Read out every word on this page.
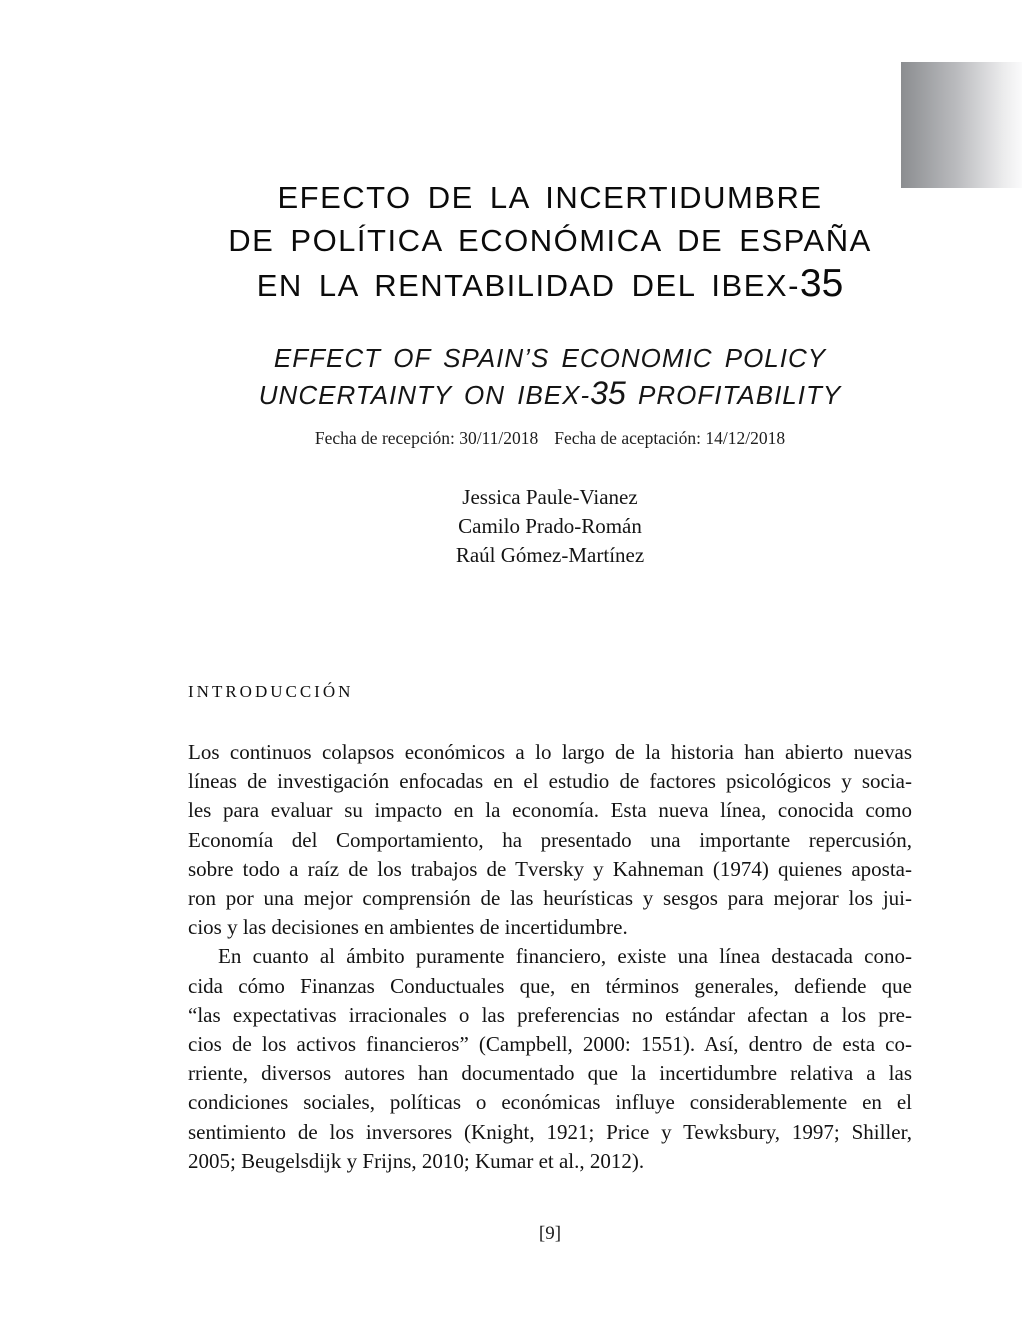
EFECTO DE LA INCERTIDUMBRE
DE POLÍTICA ECONÓMICA DE ESPAÑA
EN LA RENTABILIDAD DEL IBEX-35
EFFECT OF SPAIN’S ECONOMIC POLICY
UNCERTAINTY ON IBEX-35 PROFITABILITY
Fecha de recepción: 30/11/2018 Fecha de aceptación: 14/12/2018
Jessica Paule-Vianez
Camilo Prado-Román
Raúl Gómez-Martínez
INTRODUCCIÓN
Los continuos colapsos económicos a lo largo de la historia han abierto nuevas
líneas de investigación enfocadas en el estudio de factores psicológicos y socia-
les para evaluar su impacto en la economía. Esta nueva línea, conocida como
Economía del Comportamiento, ha presentado una importante repercusión,
sobre todo a raíz de los trabajos de Tversky y Kahneman (1974) quienes aposta-
ron por una mejor comprensión de las heurísticas y sesgos para mejorar los jui-
cios y las decisiones en ambientes de incertidumbre.
En cuanto al ámbito puramente financiero, existe una línea destacada cono-
cida cómo Finanzas Conductuales que, en términos generales, defiende que
“las expectativas irracionales o las preferencias no estándar afectan a los pre-
cios de los activos financieros” (Campbell, 2000: 1551). Así, dentro de esta co-
rriente, diversos autores han documentado que la incertidumbre relativa a las
condiciones sociales, políticas o económicas influye considerablemente en el
sentimiento de los inversores (Knight, 1921; Price y Tewksbury, 1997; Shiller,
2005; Beugelsdijk y Frijns, 2010; Kumar et al., 2012).
[9]
